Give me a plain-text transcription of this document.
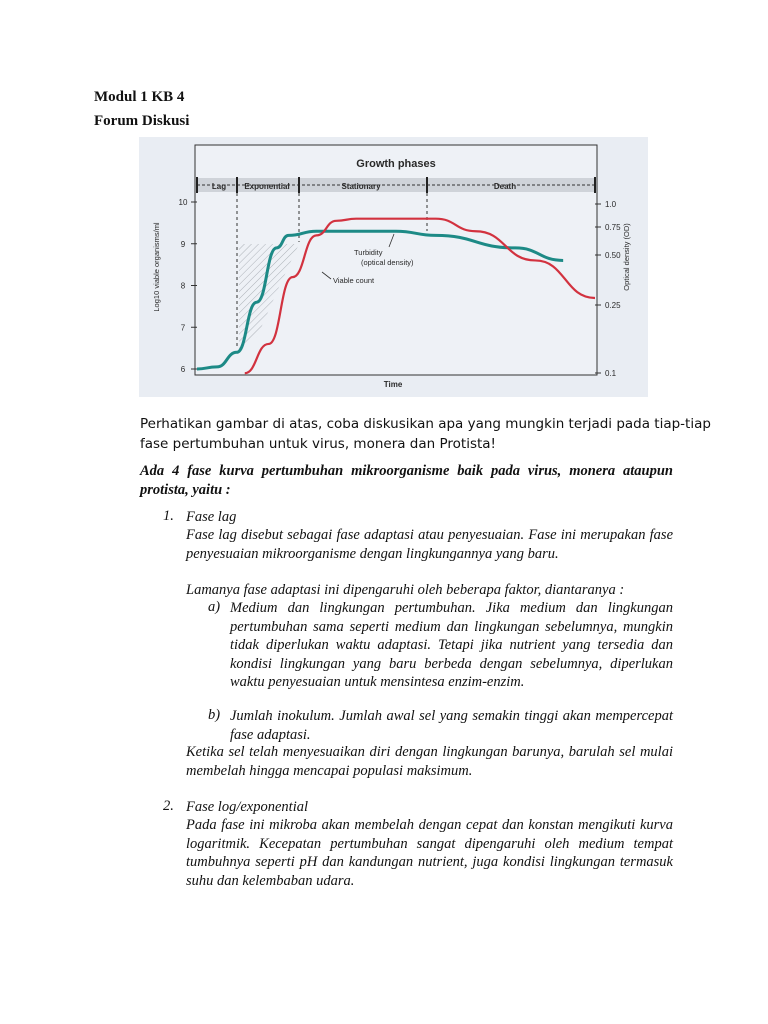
Modul 1 KB 4
Forum Diskusi
Growth phases
Lag Exponential	Stationary	Death
6
7
8
9
10
0.1
0.25
0.50
0.75
1.0
Log10 viable organisms/ml	Optical density (OD)
Time
Turbidity
(optical density)
Viable count
Perhatikan gambar di atas, coba diskusikan apa yang mungkin terjadi pada tiap-tiap
fase pertumbuhan untuk virus, monera dan Protista!
Ada 4 fase kurva pertumbuhan mikroorganisme baik pada virus, monera ataupun protista, yaitu :
1. Fase lag
Fase lag disebut sebagai fase adaptasi atau penyesuaian. Fase ini merupakan fase penyesuaian mikroorganisme dengan lingkungannya yang baru.
Lamanya fase adaptasi ini dipengaruhi oleh beberapa faktor, diantaranya :
a) Medium dan lingkungan pertumbuhan. Jika medium dan lingkungan pertumbuhan sama seperti medium dan lingkungan sebelumnya, mungkin tidak diperlukan waktu adaptasi. Tetapi jika nutrient yang tersedia dan kondisi lingkungan yang baru berbeda dengan sebelumnya, diperlukan waktu penyesuaian untuk mensintesa enzim-enzim.
b) Jumlah inokulum. Jumlah awal sel yang semakin tinggi akan mempercepat fase adaptasi.
Ketika sel telah menyesuaikan diri dengan lingkungan barunya, barulah sel mulai membelah hingga mencapai populasi maksimum.
2. Fase log/exponential
Pada fase ini mikroba akan membelah dengan cepat dan konstan mengikuti kurva logaritmik. Kecepatan pertumbuhan sangat dipengaruhi oleh medium tempat tumbuhnya seperti pH dan kandungan nutrient, juga kondisi lingkungan termasuk suhu dan kelembaban udara.
